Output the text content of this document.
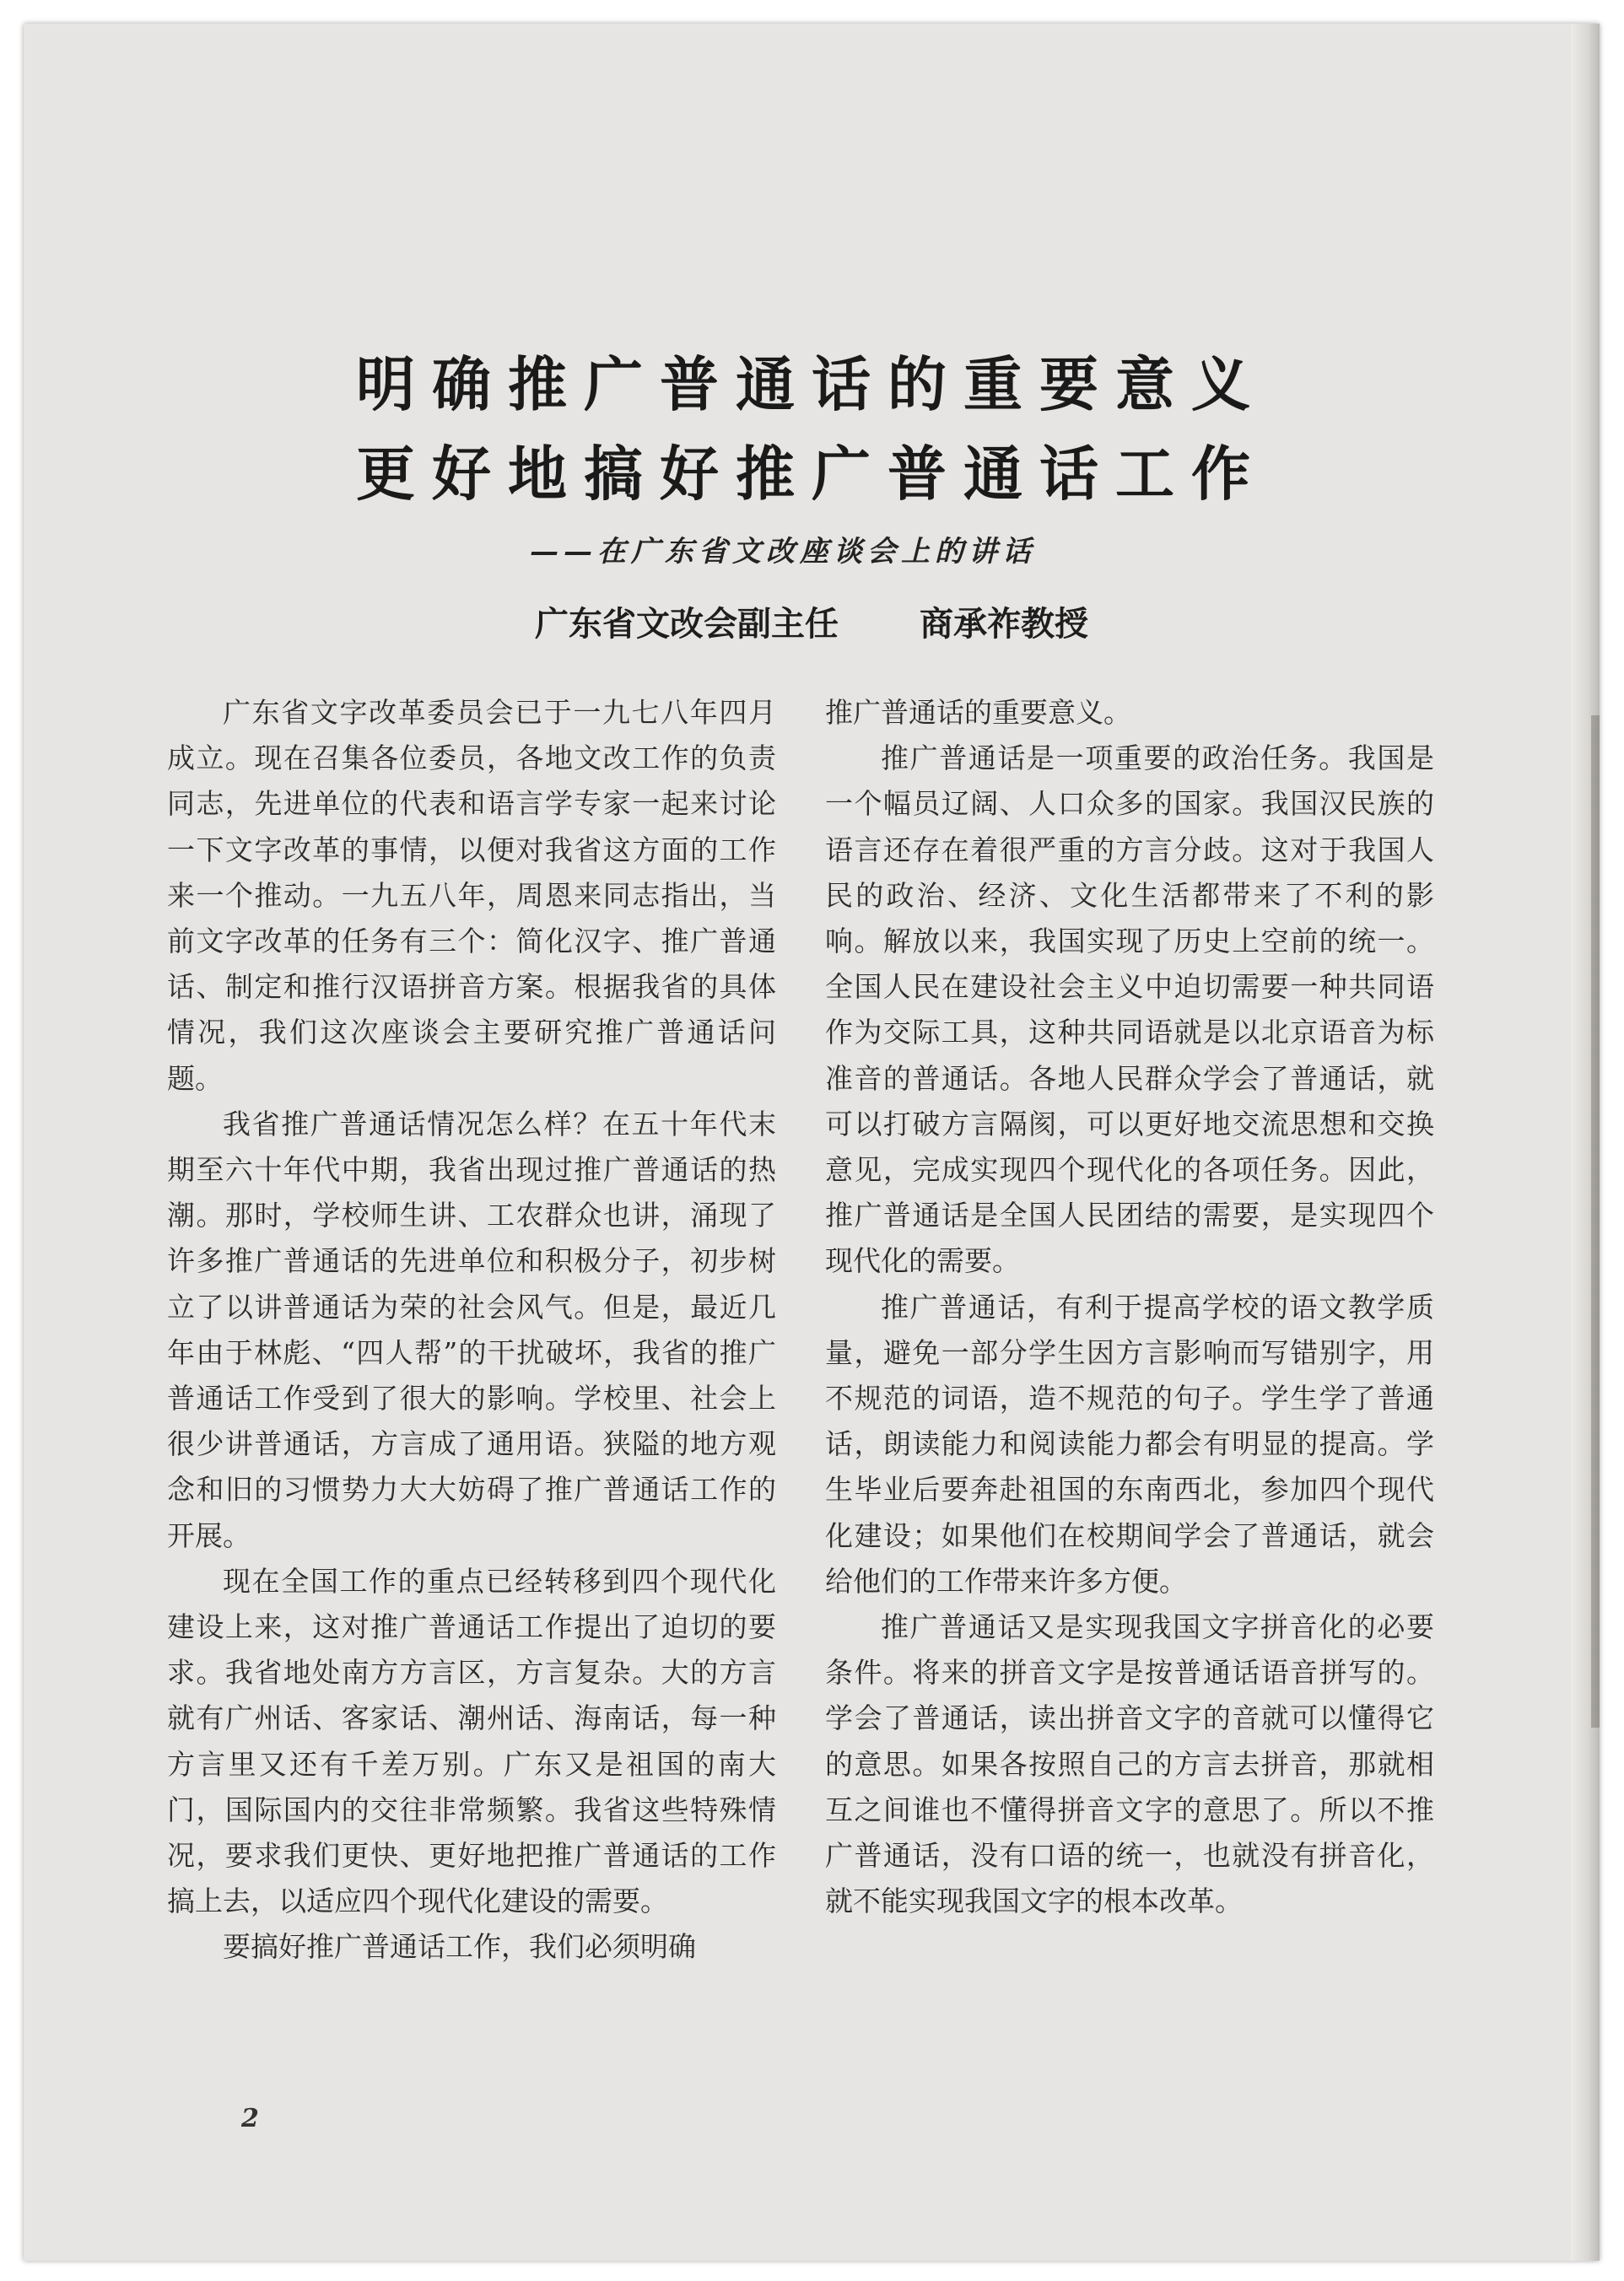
明确推广普通话的重要意义
更好地搞好推广普通话工作
——在广东省文改座谈会上的讲话
广东省文改会副主任 商承祚教授

广东省文字改革委员会已于一九七八年四月成立。现在召集各位委员，各地文改工作的负责同志，先进单位的代表和语言学专家一起来讨论一下文字改革的事情，以便对我省这方面的工作来一个推动。一九五八年，周恩来同志指出，当前文字改革的任务有三个：简化汉字、推广普通话、制定和推行汉语拼音方案。根据我省的具体情况，我们这次座谈会主要研究推广普通话问题。

我省推广普通话情况怎么样？在五十年代末期至六十年代中期，我省出现过推广普通话的热潮。那时，学校师生讲、工农群众也讲，涌现了许多推广普通话的先进单位和积极分子，初步树立了以讲普通话为荣的社会风气。但是，最近几年由于林彪、“四人帮”的干扰破坏，我省的推广普通话工作受到了很大的影响。学校里、社会上很少讲普通话，方言成了通用语。狭隘的地方观念和旧的习惯势力大大妨碍了推广普通话工作的开展。

现在全国工作的重点已经转移到四个现代化建设上来，这对推广普通话工作提出了迫切的要求。我省地处南方方言区，方言复杂。大的方言就有广州话、客家话、潮州话、海南话，每一种方言里又还有千差万别。广东又是祖国的南大门，国际国内的交往非常频繁。我省这些特殊情况，要求我们更快、更好地把推广普通话的工作搞上去，以适应四个现代化建设的需要。

要搞好推广普通话工作，我们必须明确

推广普通话的重要意义。

推广普通话是一项重要的政治任务。我国是一个幅员辽阔、人口众多的国家。我国汉民族的语言还存在着很严重的方言分歧。这对于我国人民的政治、经济、文化生活都带来了不利的影响。解放以来，我国实现了历史上空前的统一。全国人民在建设社会主义中迫切需要一种共同语作为交际工具，这种共同语就是以北京语音为标准音的普通话。各地人民群众学会了普通话，就可以打破方言隔阂，可以更好地交流思想和交换意见，完成实现四个现代化的各项任务。因此，推广普通话是全国人民团结的需要，是实现四个现代化的需要。

推广普通话，有利于提高学校的语文教学质量，避免一部分学生因方言影响而写错别字，用不规范的词语，造不规范的句子。学生学了普通话，朗读能力和阅读能力都会有明显的提高。学生毕业后要奔赴祖国的东南西北，参加四个现代化建设；如果他们在校期间学会了普通话，就会给他们的工作带来许多方便。

推广普通话又是实现我国文字拼音化的必要条件。将来的拼音文字是按普通话语音拼写的。学会了普通话，读出拼音文字的音就可以懂得它的意思。如果各按照自己的方言去拼音，那就相互之间谁也不懂得拼音文字的意思了。所以不推广普通话，没有口语的统一，也就没有拼音化，就不能实现我国文字的根本改革。

2
